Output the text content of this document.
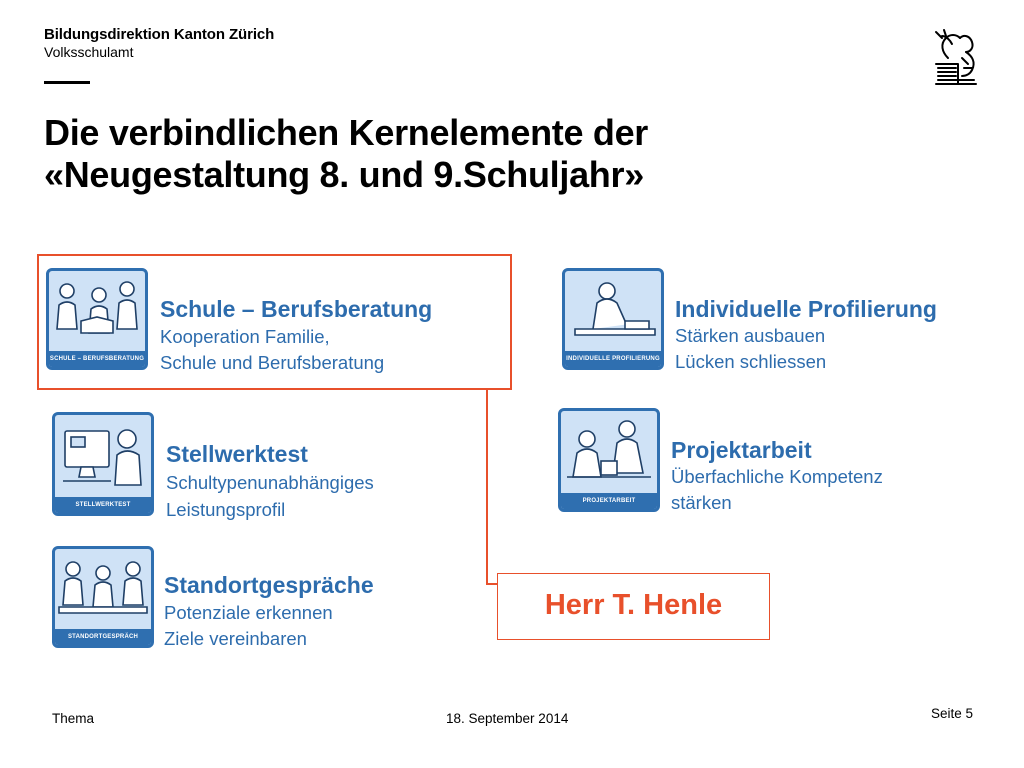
Bildungsdirektion Kanton Zürich
Volksschulamt
Die verbindlichen Kernelemente der
«Neugestaltung 8. und 9.Schuljahr»
SCHULE – BERUFSBERATUNG
Schule – Berufsberatung
Kooperation Familie,
Schule und Berufsberatung
STELLWERKTEST
Stellwerktest
Schultypenunabhängiges
Leistungsprofil
STANDORTGESPRÄCH
Standortgespräche
Potenziale erkennen
Ziele vereinbaren
INDIVIDUELLE PROFILIERUNG
Individuelle Profilierung
Stärken ausbauen
Lücken schliessen
PROJEKTARBEIT
Projektarbeit
Überfachliche Kompetenz
stärken
Herr T. Henle
Thema	18. September 2014	Seite 5
